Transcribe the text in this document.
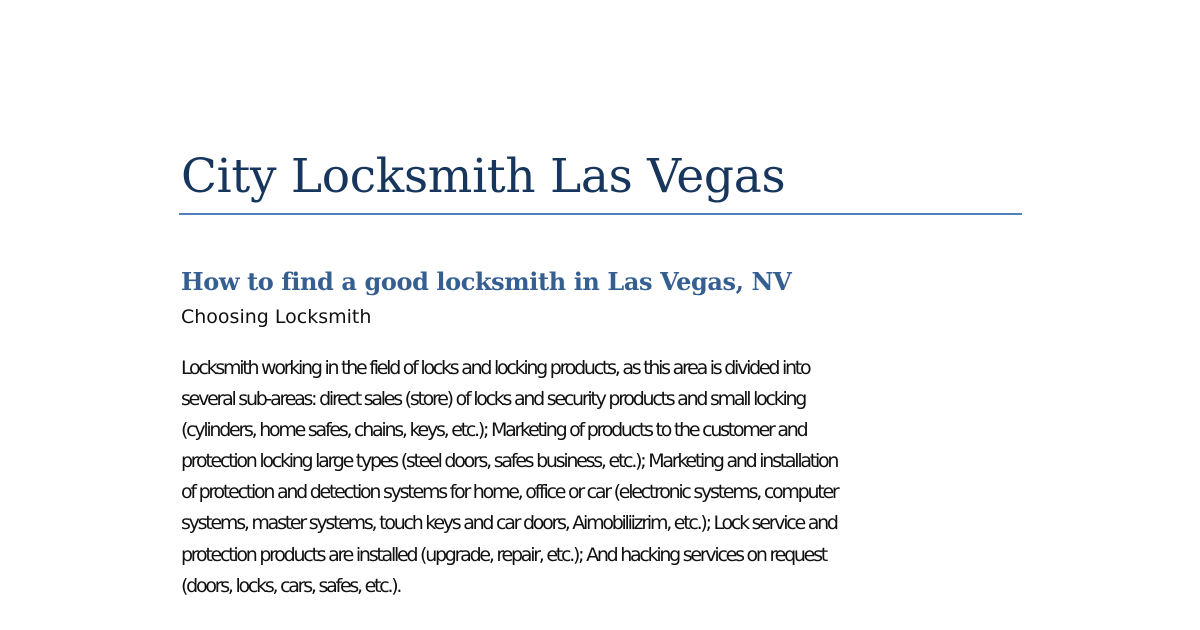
City Locksmith Las Vegas
How to find a good locksmith in Las Vegas, NV

Choosing Locksmith

Locksmith working in the field of locks and locking products, as this area is divided into
several sub-areas: direct sales (store) of locks and security products and small locking
(cylinders, home safes, chains, keys, etc.); Marketing of products to the customer and
protection locking large types (steel doors, safes business, etc.); Marketing and installation
of protection and detection systems for home, office or car (electronic systems, computer
systems, master systems, touch keys and car doors, Aimobiliizrim, etc.); Lock service and
protection products are installed (upgrade, repair, etc.); And hacking services on request
(doors, locks, cars, safes, etc.).
